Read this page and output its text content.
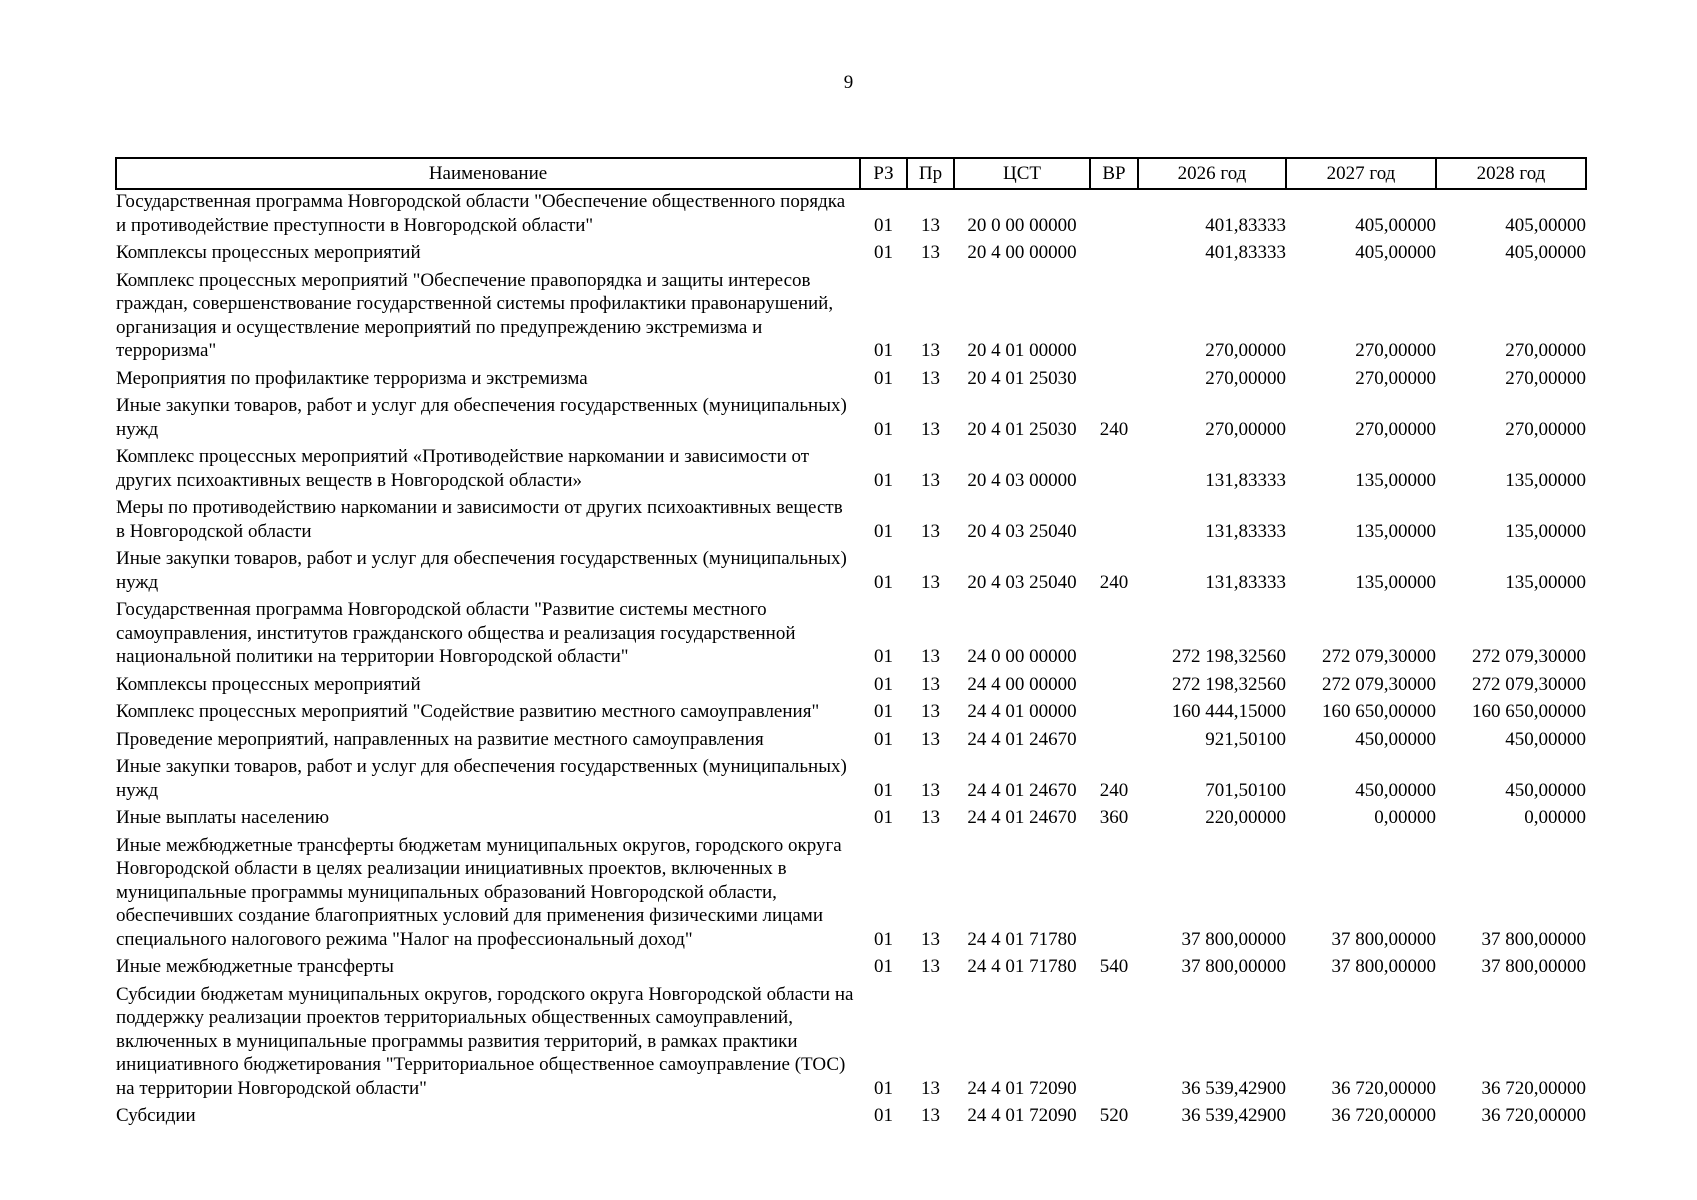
9
Наименование	РЗ	Пр	ЦСТ	ВР	2026 год	2027 год	2028 год
Государственная программа Новгородской области "Обеспечение общественного порядка и противодействие преступности в Новгородской области"	01	13	20 0 00 00000		401,83333	405,00000	405,00000
Комплексы процессных мероприятий	01	13	20 4 00 00000		401,83333	405,00000	405,00000
Комплекс процессных мероприятий "Обеспечение правопорядка и защиты интересов граждан, совершенствование государственной системы профилактики правонарушений, организация и осуществление мероприятий по предупреждению экстремизма и терроризма"	01	13	20 4 01 00000		270,00000	270,00000	270,00000
Мероприятия по профилактике терроризма и экстремизма	01	13	20 4 01 25030		270,00000	270,00000	270,00000
Иные закупки товаров, работ и услуг для обеспечения государственных (муниципальных) нужд	01	13	20 4 01 25030	240	270,00000	270,00000	270,00000
Комплекс процессных мероприятий «Противодействие наркомании и зависимости от других психоактивных веществ в Новгородской области»	01	13	20 4 03 00000		131,83333	135,00000	135,00000
Меры по противодействию наркомании и зависимости от других психоактивных веществ в Новгородской области	01	13	20 4 03 25040		131,83333	135,00000	135,00000
Иные закупки товаров, работ и услуг для обеспечения государственных (муниципальных) нужд	01	13	20 4 03 25040	240	131,83333	135,00000	135,00000
Государственная программа Новгородской области "Развитие системы местного самоуправления, институтов гражданского общества и реализация государственной национальной политики на территории Новгородской области"	01	13	24 0 00 00000		272 198,32560	272 079,30000	272 079,30000
Комплексы процессных мероприятий	01	13	24 4 00 00000		272 198,32560	272 079,30000	272 079,30000
Комплекс процессных мероприятий "Содействие развитию местного самоуправления"	01	13	24 4 01 00000		160 444,15000	160 650,00000	160 650,00000
Проведение мероприятий, направленных на развитие местного самоуправления	01	13	24 4 01 24670		921,50100	450,00000	450,00000
Иные закупки товаров, работ и услуг для обеспечения государственных (муниципальных) нужд	01	13	24 4 01 24670	240	701,50100	450,00000	450,00000
Иные выплаты населению	01	13	24 4 01 24670	360	220,00000	0,00000	0,00000
Иные межбюджетные трансферты бюджетам муниципальных округов, городского округа Новгородской области в целях реализации инициативных проектов, включенных в муниципальные программы муниципальных образований Новгородской области, обеспечивших создание благоприятных условий для применения физическими лицами специального налогового режима "Налог на профессиональный доход"	01	13	24 4 01 71780		37 800,00000	37 800,00000	37 800,00000
Иные межбюджетные трансферты	01	13	24 4 01 71780	540	37 800,00000	37 800,00000	37 800,00000
Субсидии бюджетам муниципальных округов, городского округа Новгородской области на поддержку реализации проектов территориальных общественных самоуправлений, включенных в муниципальные программы развития территорий, в рамках практики инициативного бюджетирования "Территориальное общественное самоуправление (ТОС) на территории Новгородской области"	01	13	24 4 01 72090		36 539,42900	36 720,00000	36 720,00000
Субсидии	01	13	24 4 01 72090	520	36 539,42900	36 720,00000	36 720,00000
